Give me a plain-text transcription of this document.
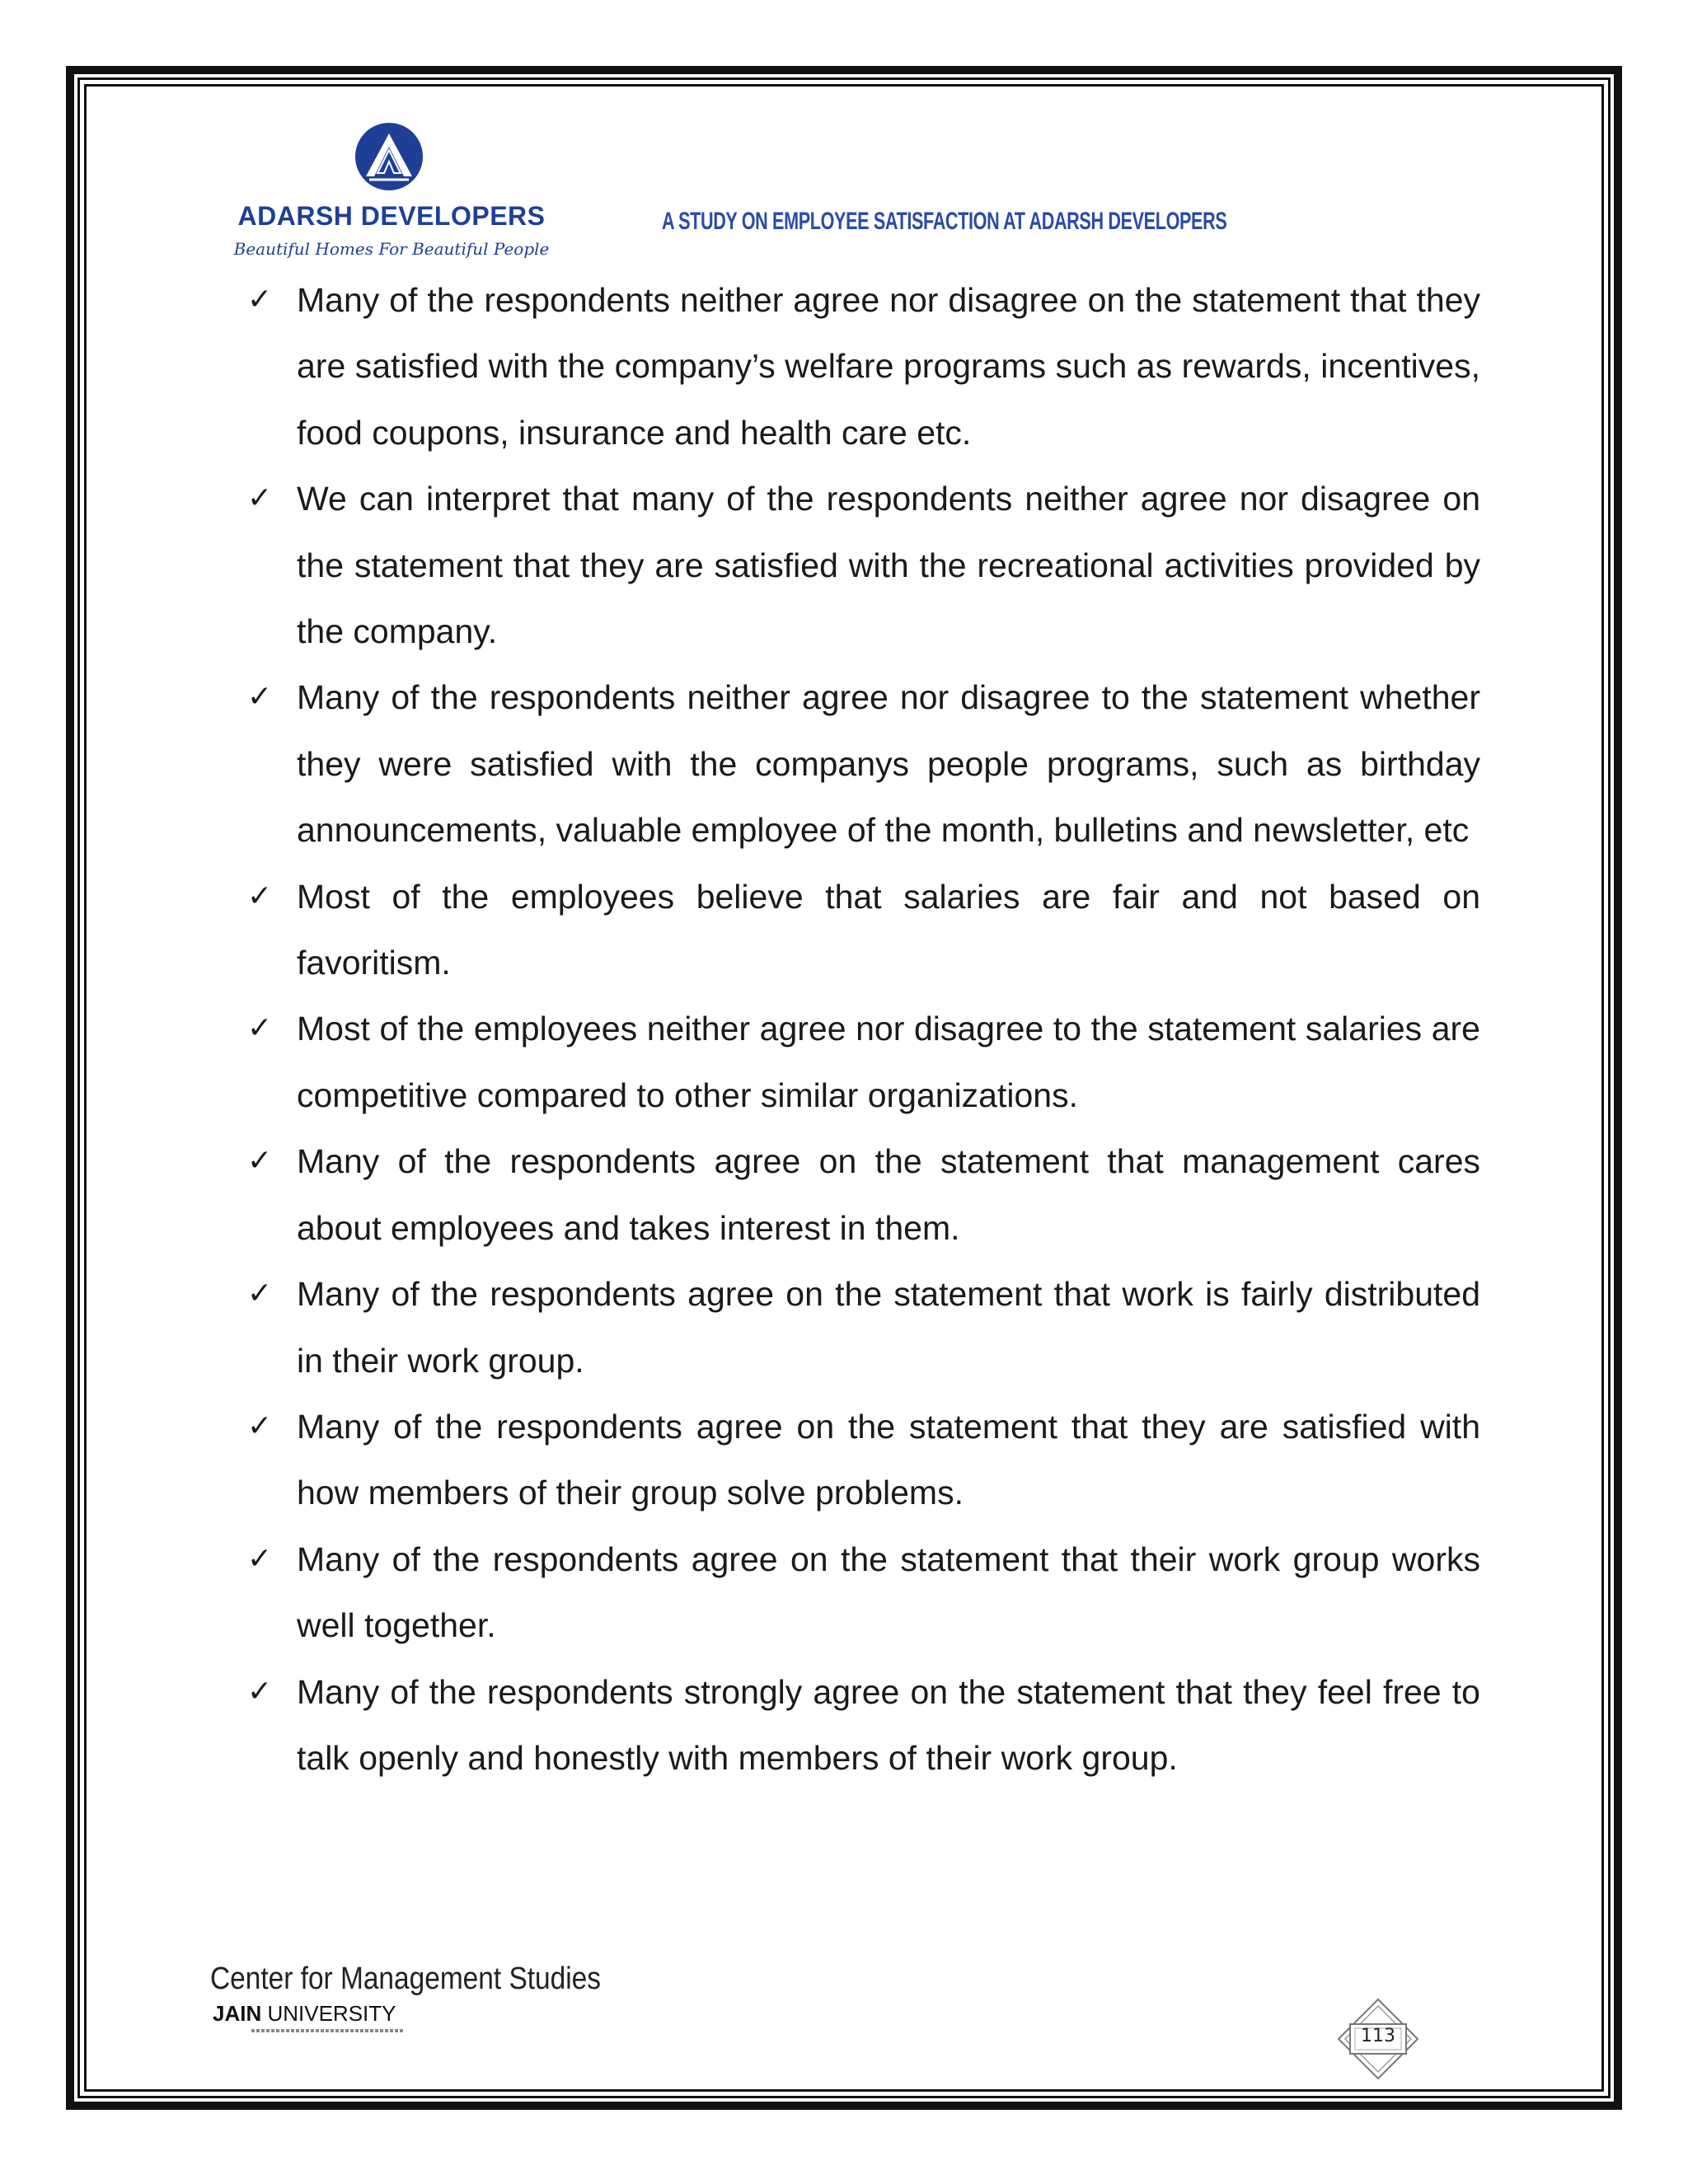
ADARSH DEVELOPERS
Beautiful Homes For Beautiful People
A STUDY ON EMPLOYEE SATISFACTION AT ADARSH DEVELOPERS
✓ Many of the respondents neither agree nor disagree on the statement that they are satisfied with the company’s welfare programs such as rewards, incentives, food coupons, insurance and health care etc.
✓ We can interpret that many of the respondents neither agree nor disagree on the statement that they are satisfied with the recreational activities provided by the company.
✓ Many of the respondents neither agree nor disagree to the statement whether they were satisfied with the companys people programs, such as birthday announcements, valuable employee of the month, bulletins and newsletter, etc
✓ Most of the employees believe that salaries are fair and not based on favoritism.
✓ Most of the employees neither agree nor disagree to the statement salaries are competitive compared to other similar organizations.
✓ Many of the respondents agree on the statement that management cares about employees and takes interest in them.
✓ Many of the respondents agree on the statement that work is fairly distributed in their work group.
✓ Many of the respondents agree on the statement that they are satisfied with how members of their group solve problems.
✓ Many of the respondents agree on the statement that their work group works well together.
✓ Many of the respondents strongly agree on the statement that they feel free to talk openly and honestly with members of their work group.
Center for Management Studies
JAIN UNIVERSITY
113
